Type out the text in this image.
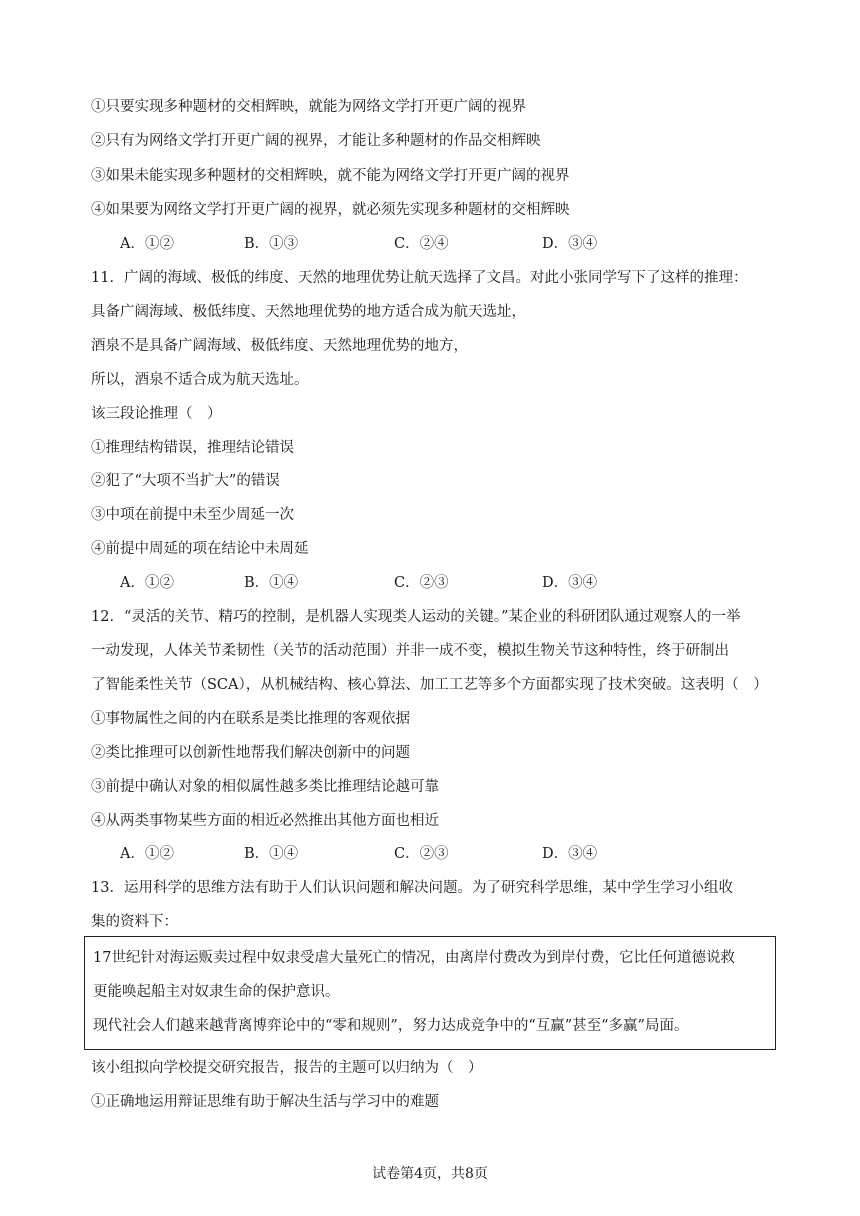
①只要实现多种题材的交相辉映，就能为网络文学打开更广阔的视界
②只有为网络文学打开更广阔的视界，才能让多种题材的作品交相辉映
③如果未能实现多种题材的交相辉映，就不能为网络文学打开更广阔的视界
④如果要为网络文学打开更广阔的视界，就必须先实现多种题材的交相辉映
A．①②	B．①③	C．②④	D．③④
11．广阔的海域、极低的纬度、天然的地理优势让航天选择了文昌。对此小张同学写下了这样的推理：
具备广阔海域、极低纬度、天然地理优势的地方适合成为航天选址，
酒泉不是具备广阔海域、极低纬度、天然地理优势的地方，
所以，酒泉不适合成为航天选址。
该三段论推理（　）
①推理结构错误，推理结论错误
②犯了“大项不当扩大”的错误
③中项在前提中未至少周延一次
④前提中周延的项在结论中未周延
A．①②	B．①④	C．②③	D．③④
12．“灵活的关节、精巧的控制，是机器人实现类人运动的关键。”某企业的科研团队通过观察人的一举
一动发现，人体关节柔韧性（关节的活动范围）并非一成不变，模拟生物关节这种特性，终于研制出
了智能柔性关节（SCA），从机械结构、核心算法、加工工艺等多个方面都实现了技术突破。这表明（　）
①事物属性之间的内在联系是类比推理的客观依据
②类比推理可以创新性地帮我们解决创新中的问题
③前提中确认对象的相似属性越多类比推理结论越可靠
④从两类事物某些方面的相近必然推出其他方面也相近
A．①②	B．①④	C．②③	D．③④
13．运用科学的思维方法有助于人们认识问题和解决问题。为了研究科学思维，某中学生学习小组收
集的资料下：
17世纪针对海运贩卖过程中奴隶受虐大量死亡的情况，由离岸付费改为到岸付费，它比任何道德说救
更能唤起船主对奴隶生命的保护意识。
现代社会人们越来越背离博弈论中的“零和规则”，努力达成竞争中的“互赢”甚至“多赢”局面。
该小组拟向学校提交研究报告，报告的主题可以归纳为（　）
①正确地运用辩证思维有助于解决生活与学习中的难题
试卷第4页，共8页
